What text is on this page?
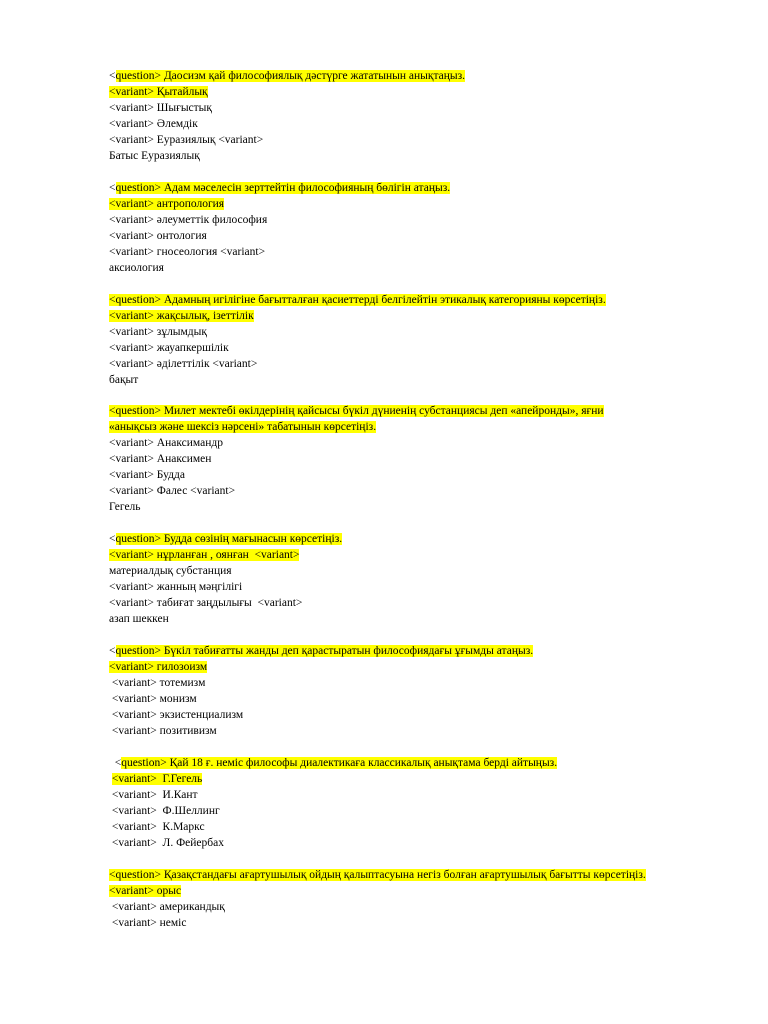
<question> Даосизм қай философиялық дәстүрге жататынын анықтаңыз.
<variant> Қытайлық
<variant> Шығыстық
<variant> Әлемдік
<variant> Еуразиялық <variant>
Батыс Еуразиялық
<question> Адам мәселесін зерттейтін философияның бөлігін атаңыз.
<variant> антропология
<variant> әлеуметтік философия
<variant> онтология
<variant> гносеология <variant>
аксиология
<question> Адамның игілігіне бағытталған қасиеттерді белгілейтін этикалық категорияны көрсетіңіз.
<variant> жақсылық, ізеттілік
<variant> зұлымдық
<variant> жауапкершілік
<variant> әділеттілік <variant>
бақыт
<question> Милет мектебі өкілдерінің қайсысы бүкіл дүниенің субстанциясы деп «апейронды», яғни
«анықсыз және шексіз нәрсені» табатынын көрсетіңіз.
<variant> Анаксимандр
<variant> Анаксимен
<variant> Будда
<variant> Фалес <variant>
Гегель
<question> Будда сөзінің мағынасын көрсетіңіз.
<variant> нұрланған , оянған  <variant>
материалдық субстанция
<variant> жанның мәңгілігі
<variant> табиғат заңдылығы  <variant>
азап шеккен
<question> Бүкіл табиғатты жанды деп қарастыратын философиядағы ұғымды атаңыз.
<variant> гилозоизм
<variant> тотемизм
<variant> монизм
<variant> экзистенциализм
<variant> позитивизм
<question> Қай 18 ғ. неміс философы диалектикаға классикалық анықтама берді айтыңыз.
<variant>  Г.Гегель
<variant>  И.Кант
<variant>  Ф.Шеллинг
<variant>  К.Маркс
<variant>  Л. Фейербах
<question> Қазақстандағы ағартушылық ойдың қалыптасуына негіз болған ағартушылық бағытты көрсетіңіз.
<variant> орыс
<variant> американдық
<variant> неміс
